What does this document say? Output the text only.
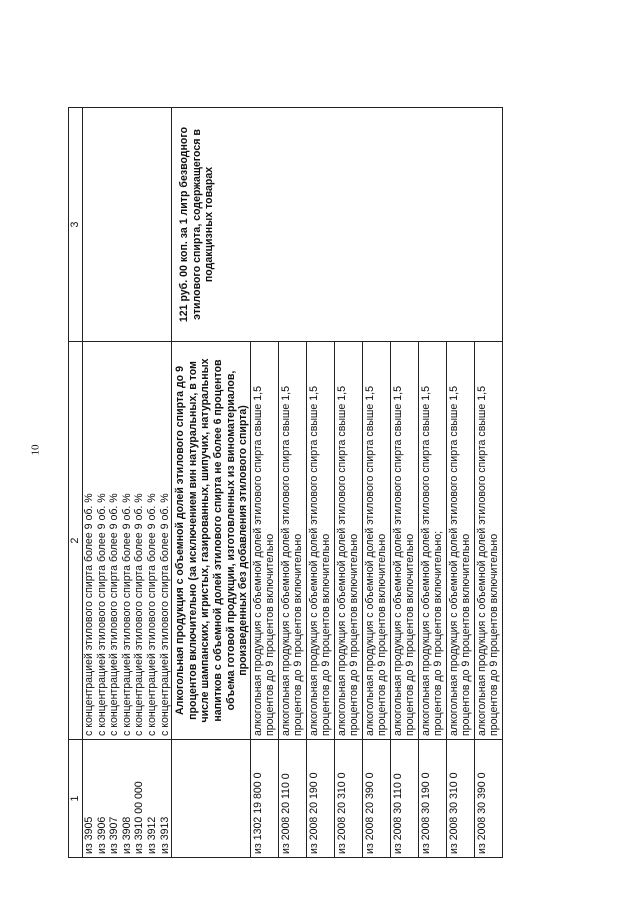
10
1	2	3
из 3905	с концентрацией этилового спирта более 9 об. %	
из 3906	с концентрацией этилового спирта более 9 об. %	
из 3907	с концентрацией этилового спирта более 9 об. %	
из 3908	с концентрацией этилового спирта более 9 об. %	
из 3910 00 000	с концентрацией этилового спирта более 9 об. %	
из 3912	с концентрацией этилового спирта более 9 об. %	
из 3913	с концентрацией этилового спирта более 9 об. %	
	Алкогольная продукция с объемной долей этилового спирта до 9 процентов включительно (за исключением вин натуральных, в том числе шампанских, игристых, газированных, шипучих, натуральных напитков с объемной долей этилового спирта не более 6 процентов объема готовой продукции, изготовленных из виноматериалов, произведенных без добавления этилового спирта)	121 руб. 00 коп. за 1 литр безводного этилового спирта, содержащегося в подакцизных товарах
из 1302 19 800 0	алкогольная продукция с объемной долей этилового спирта свыше 1,5 процентов до 9 процентов включительно	
из 2008 20 110 0	алкогольная продукция с объемной долей этилового спирта свыше 1,5 процентов до 9 процентов включительно	
из 2008 20 190 0	алкогольная продукция с объемной долей этилового спирта свыше 1,5 процентов до 9 процентов включительно	
из 2008 20 310 0	алкогольная продукция с объемной долей этилового спирта свыше 1,5 процентов до 9 процентов включительно	
из 2008 20 390 0	алкогольная продукция с объемной долей этилового спирта свыше 1,5 процентов до 9 процентов включительно	
из 2008 30 110 0	алкогольная продукция с объемной долей этилового спирта свыше 1,5 процентов до 9 процентов включительно	
из 2008 30 190 0	алкогольная продукция с объемной долей этилового спирта свыше 1,5 процентов до 9 процентов включительно;	
из 2008 30 310 0	алкогольная продукция с объемной долей этилового спирта свыше 1,5 процентов до 9 процентов включительно	
из 2008 30 390 0	алкогольная продукция с объемной долей этилового спирта свыше 1,5 процентов до 9 процентов включительно	
